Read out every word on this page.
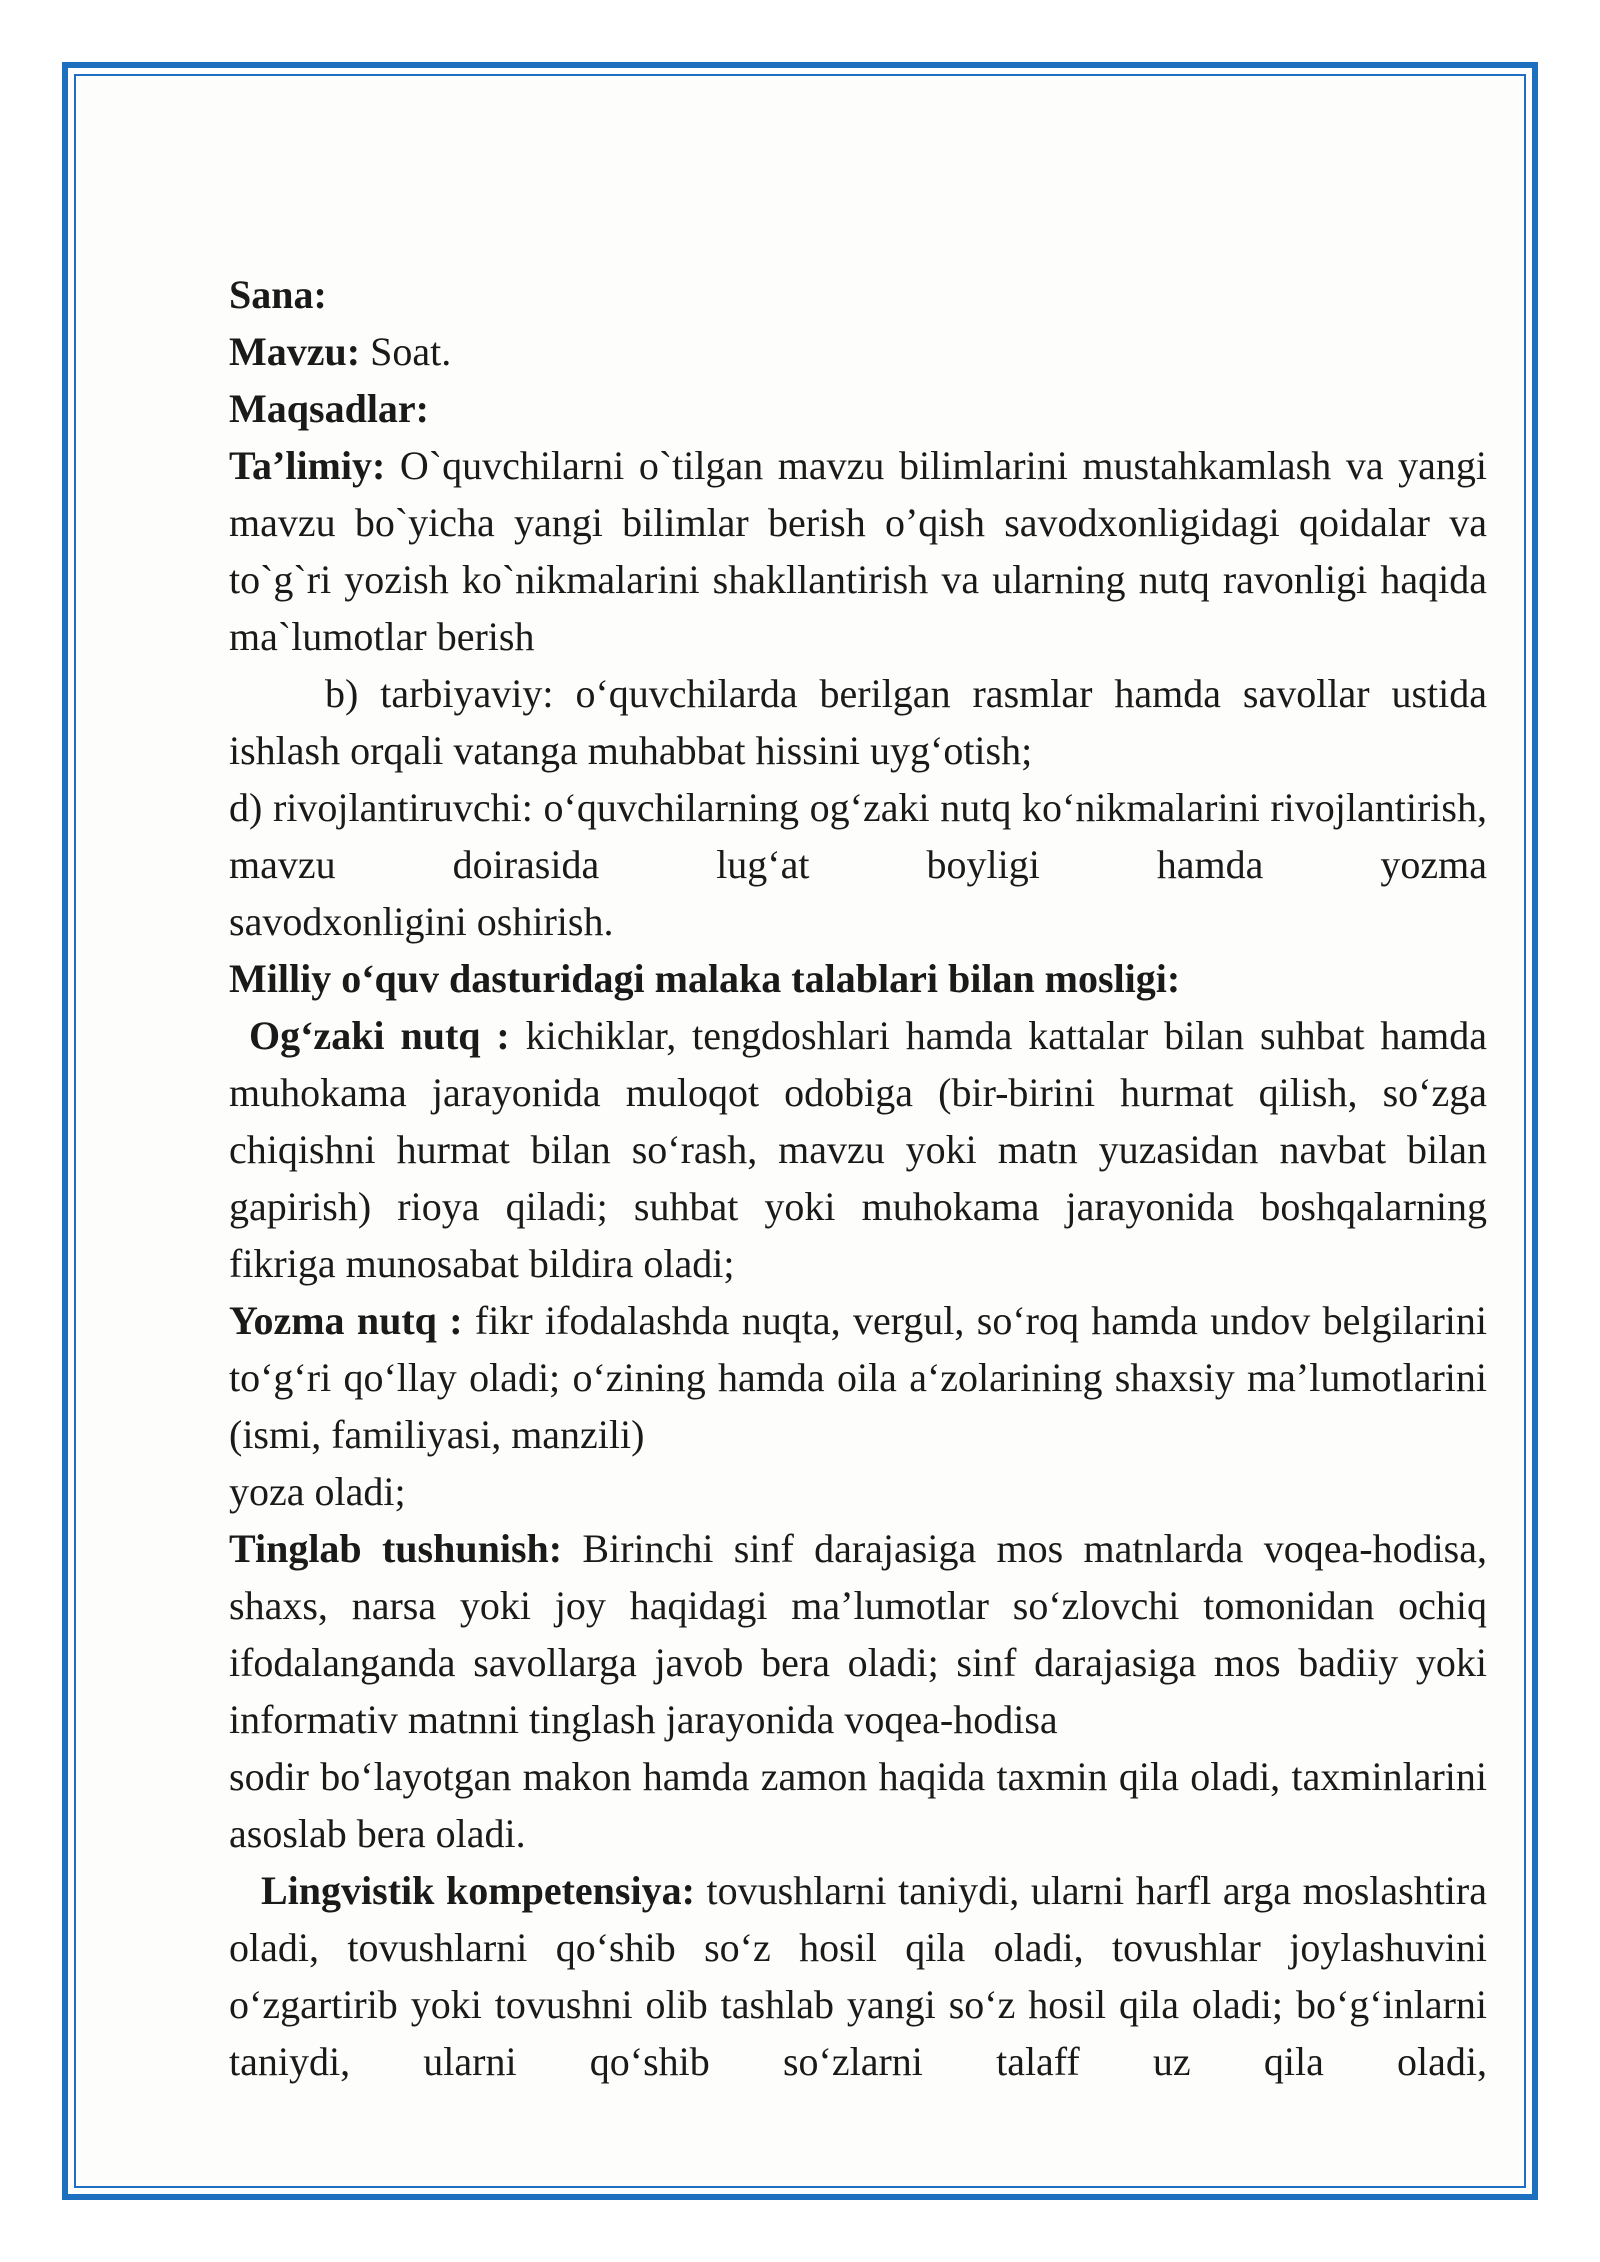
Sana:

Mavzu: Soat.

Maqsadlar:

Ta’limiy: O`quvchilarni o`tilgan mavzu bilimlarini mustahkamlash va yangi mavzu bo`yicha yangi bilimlar berish o’qish savodxonligidagi qoidalar va to`g`ri yozish ko`nikmalarini shakllantirish va ularning nutq ravonligi haqida ma`lumotlar berish

b) tarbiyaviy: o‘quvchilarda berilgan rasmlar hamda savollar ustida ishlash orqali vatanga muhabbat hissini uyg‘otish;

d) rivojlantiruvchi: o‘quvchilarning og‘zaki nutq ko‘nikmalarini rivojlantirish, mavzu doirasida lug‘at boyligi hamda yozma

savodxonligini oshirish.

Milliy o‘quv dasturidagi malaka talablari bilan mosligi:

Og‘zaki nutq : kichiklar, tengdoshlari hamda kattalar bilan suhbat hamda muhokama jarayonida muloqot odobiga (bir-birini hurmat qilish, so‘zga chiqishni hurmat bilan so‘rash, mavzu yoki matn yuzasidan navbat bilan gapirish) rioya qiladi; suhbat yoki muhokama jarayonida boshqalarning fikriga munosabat bildira oladi;

Yozma nutq : fikr ifodalashda nuqta, vergul, so‘roq hamda undov belgilarini to‘g‘ri qo‘llay oladi; o‘zining hamda oila a‘zolarining shaxsiy ma’lumotlarini (ismi, familiyasi, manzili)

yoza oladi;

Tinglab tushunish: Birinchi sinf darajasiga mos matnlarda voqea-hodisa, shaxs, narsa yoki joy haqidagi ma’lumotlar so‘zlovchi tomonidan ochiq ifodalanganda savollarga javob bera oladi; sinf darajasiga mos badiiy yoki informativ matnni tinglash jarayonida voqea-hodisa

sodir bo‘layotgan makon hamda zamon haqida taxmin qila oladi, taxminlarini asoslab bera oladi.

Lingvistik kompetensiya: tovushlarni taniydi, ularni harfl arga moslashtira oladi, tovushlarni qo‘shib so‘z hosil qila oladi, tovushlar joylashuvini o‘zgartirib yoki tovushni olib tashlab yangi so‘z hosil qila oladi; bo‘g‘inlarni taniydi, ularni qo‘shib so‘zlarni talaff uz qila oladi,
